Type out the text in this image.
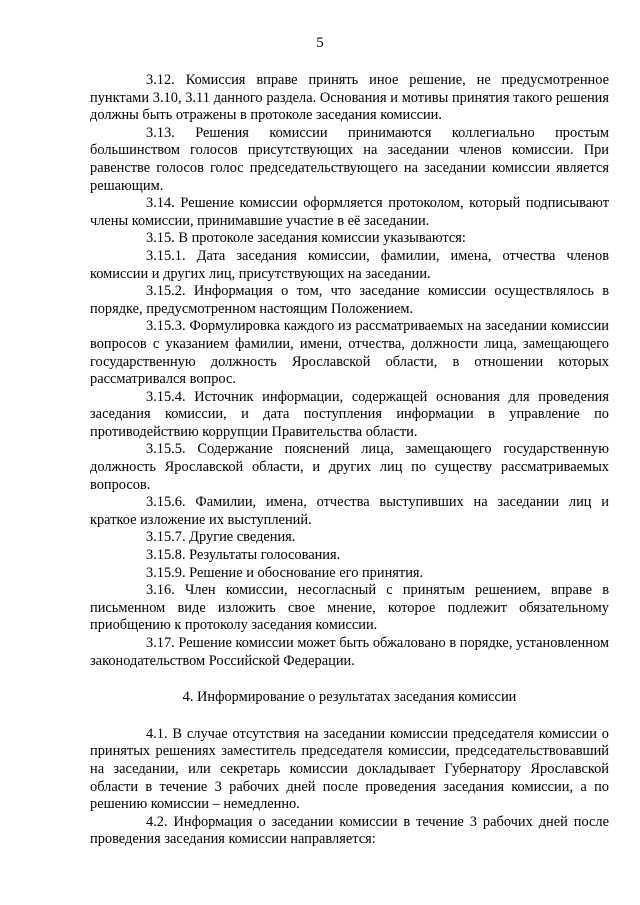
5

3.12. Комиссия вправе принять иное решение, не предусмотренное пунктами 3.10, 3.11 данного раздела. Основания и мотивы принятия такого решения должны быть отражены в протоколе заседания комиссии.

3.13. Решения комиссии принимаются коллегиально простым большинством голосов присутствующих на заседании членов комиссии. При равенстве голосов голос председательствующего на заседании комиссии является решающим.

3.14. Решение комиссии оформляется протоколом, который подписывают члены комиссии, принимавшие участие в её заседании.

3.15. В протоколе заседания комиссии указываются:

3.15.1. Дата заседания комиссии, фамилии, имена, отчества членов комиссии и других лиц, присутствующих на заседании.

3.15.2. Информация о том, что заседание комиссии осуществлялось в порядке, предусмотренном настоящим Положением.

3.15.3. Формулировка каждого из рассматриваемых на заседании комиссии вопросов с указанием фамилии, имени, отчества, должности лица, замещающего государственную должность Ярославской области, в отношении которых рассматривался вопрос.

3.15.4. Источник информации, содержащей основания для проведения заседания комиссии, и дата поступления информации в управление по противодействию коррупции Правительства области.

3.15.5. Содержание пояснений лица, замещающего государственную должность Ярославской области, и других лиц по существу рассматриваемых вопросов.

3.15.6. Фамилии, имена, отчества выступивших на заседании лиц и краткое изложение их выступлений.

3.15.7. Другие сведения.

3.15.8. Результаты голосования.

3.15.9. Решение и обоснование его принятия.

3.16. Член комиссии, несогласный с принятым решением, вправе в письменном виде изложить свое мнение, которое подлежит обязательному приобщению к протоколу заседания комиссии.

3.17. Решение комиссии может быть обжаловано в порядке, установленном законодательством Российской Федерации.

4. Информирование о результатах заседания комиссии

4.1. В случае отсутствия на заседании комиссии председателя комиссии о принятых решениях заместитель председателя комиссии, председательствовавший на заседании, или секретарь комиссии докладывает Губернатору Ярославской области в течение 3 рабочих дней после проведения заседания комиссии, а по решению комиссии – немедленно.

4.2. Информация о заседании комиссии в течение 3 рабочих дней после проведения заседания комиссии направляется:
